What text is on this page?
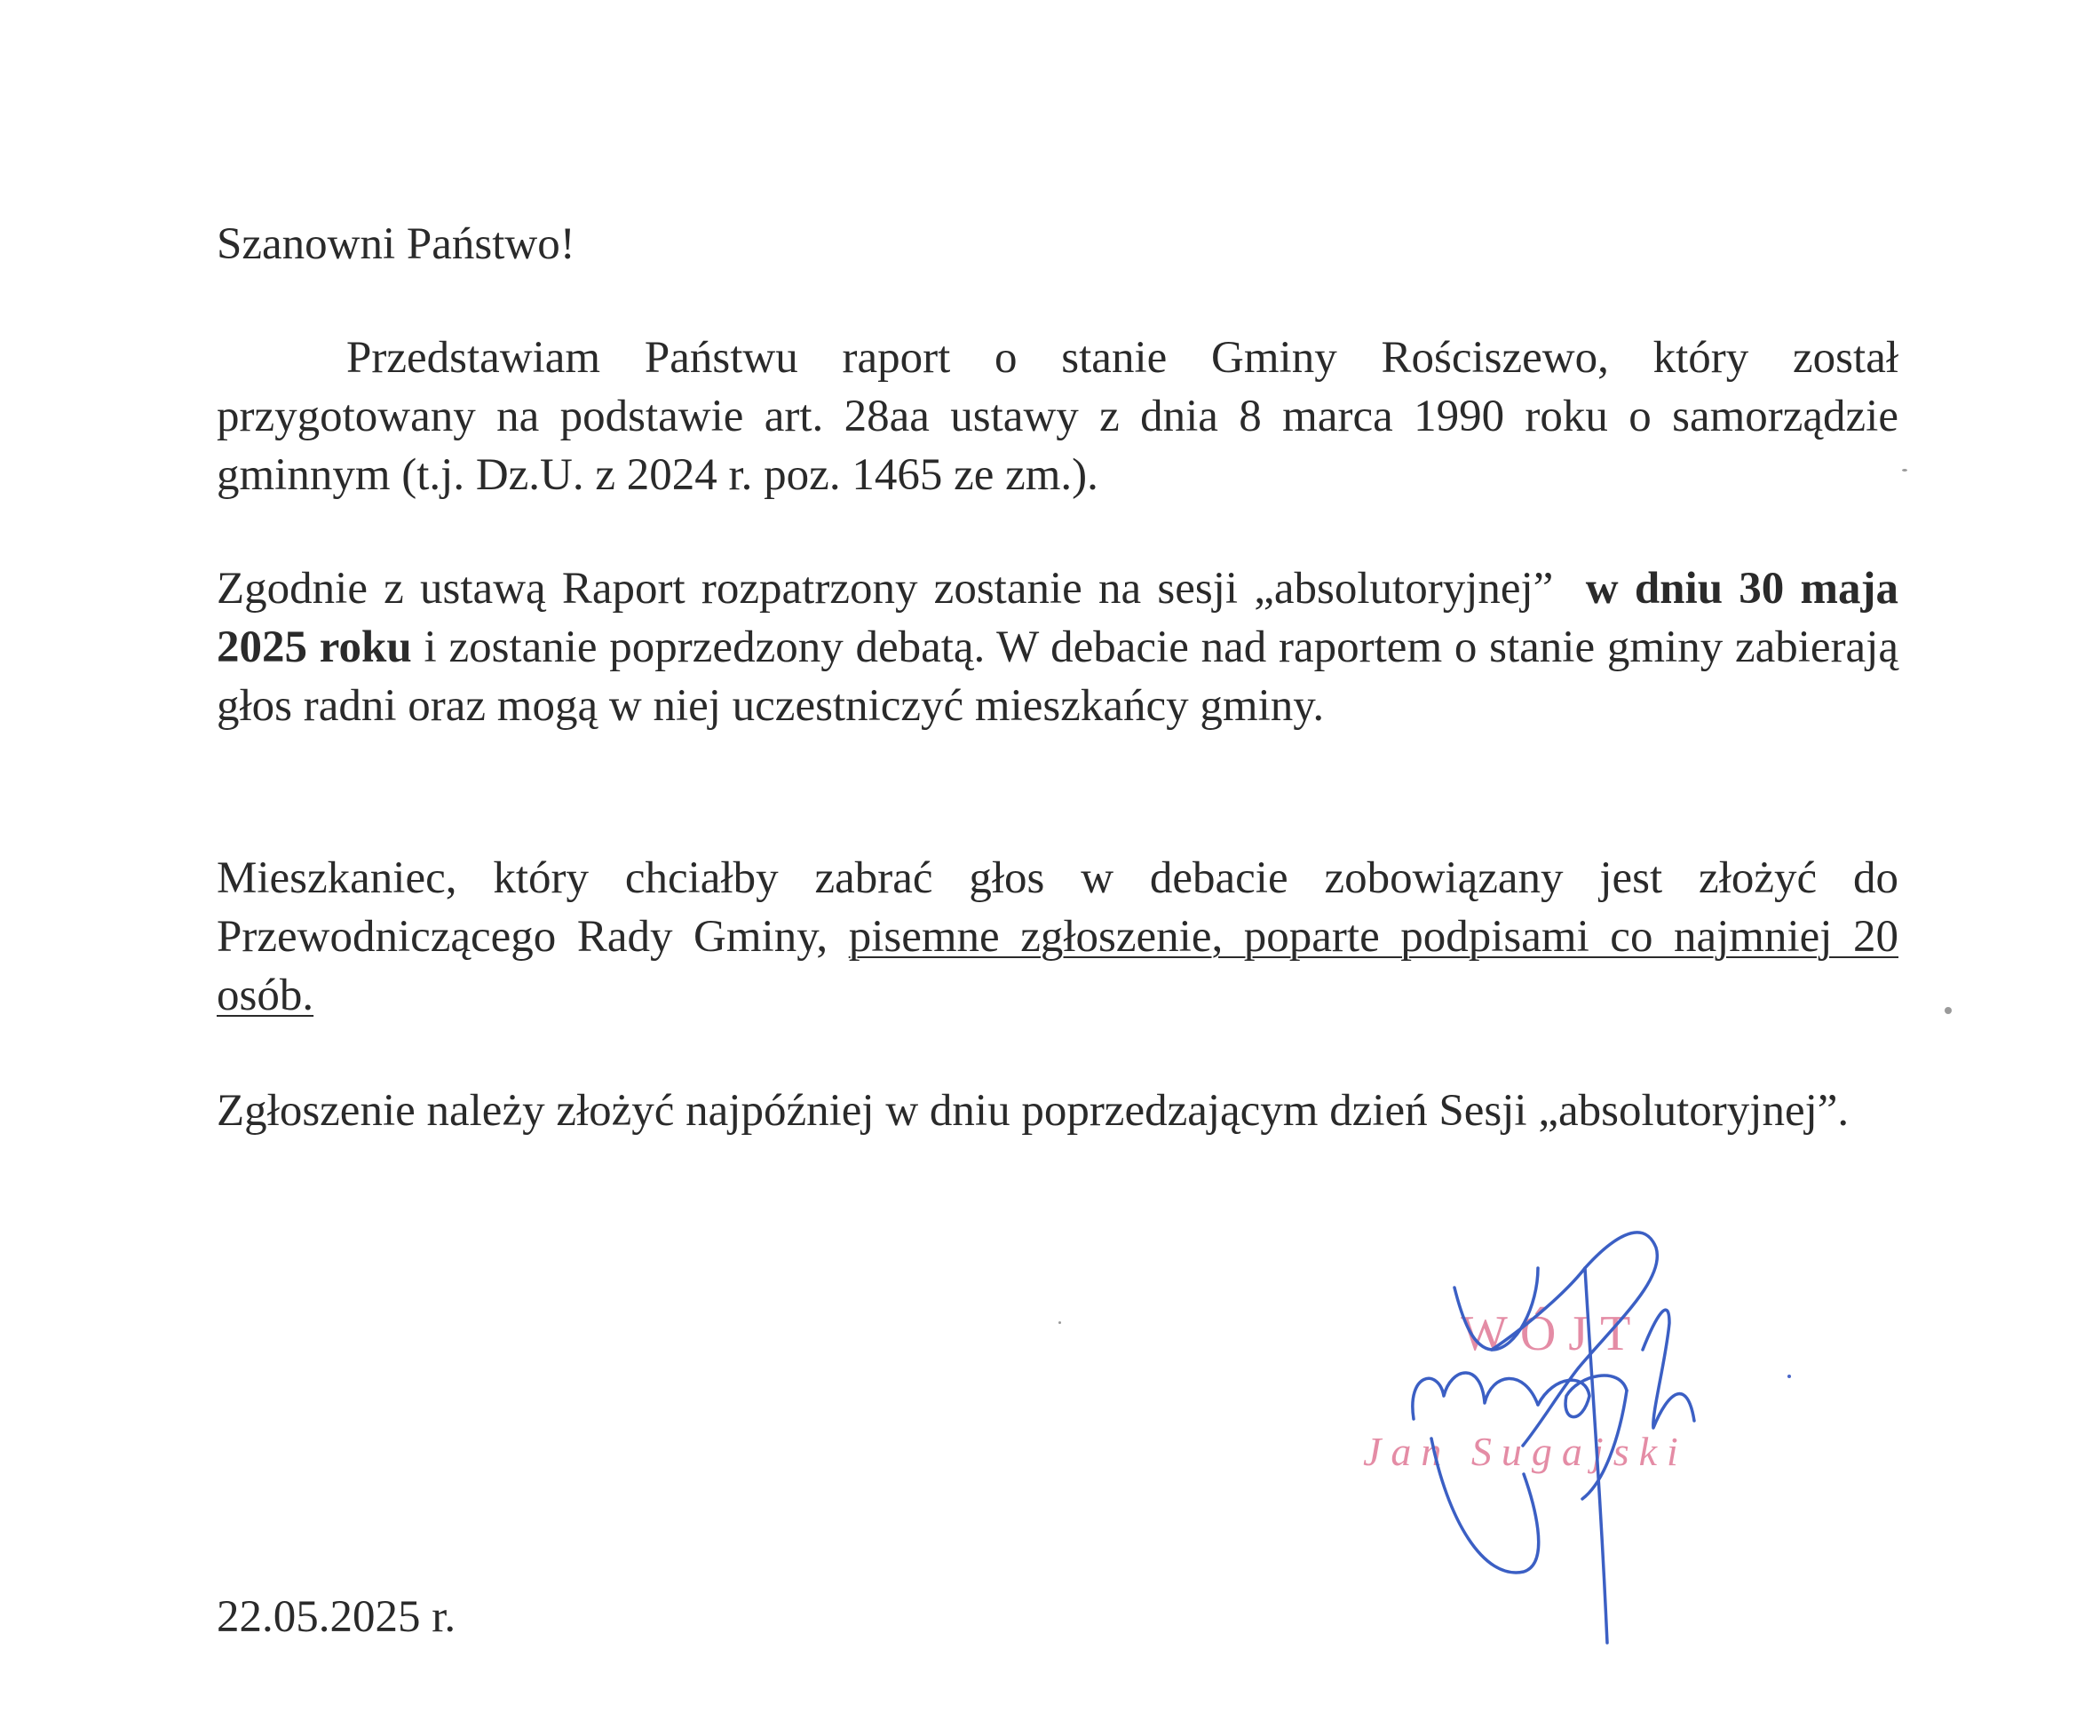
Szanowni Państwo!

Przedstawiam Państwu raport o stanie Gminy Rościszewo, który został przygotowany na podstawie art. 28aa ustawy z dnia 8 marca 1990 roku o samorządzie gminnym (t.j. Dz.U. z 2024 r. poz. 1465 ze zm.).

Zgodnie z ustawą Raport rozpatrzony zostanie na sesji „absolutoryjnej” w dniu 30 maja 2025 roku i zostanie poprzedzony debatą. W debacie nad raportem o stanie gminy zabierają głos radni oraz mogą w niej uczestniczyć mieszkańcy gminy.

Mieszkaniec, który chciałby zabrać głos w debacie zobowiązany jest złożyć do Przewodniczącego Rady Gminy, pisemne zgłoszenie, poparte podpisami co najmniej 20 osób.

Zgłoszenie należy złożyć najpóźniej w dniu poprzedzającym dzień Sesji „absolutoryjnej”.

22.05.2025 r.

WÓJT
Jan Sugajski
